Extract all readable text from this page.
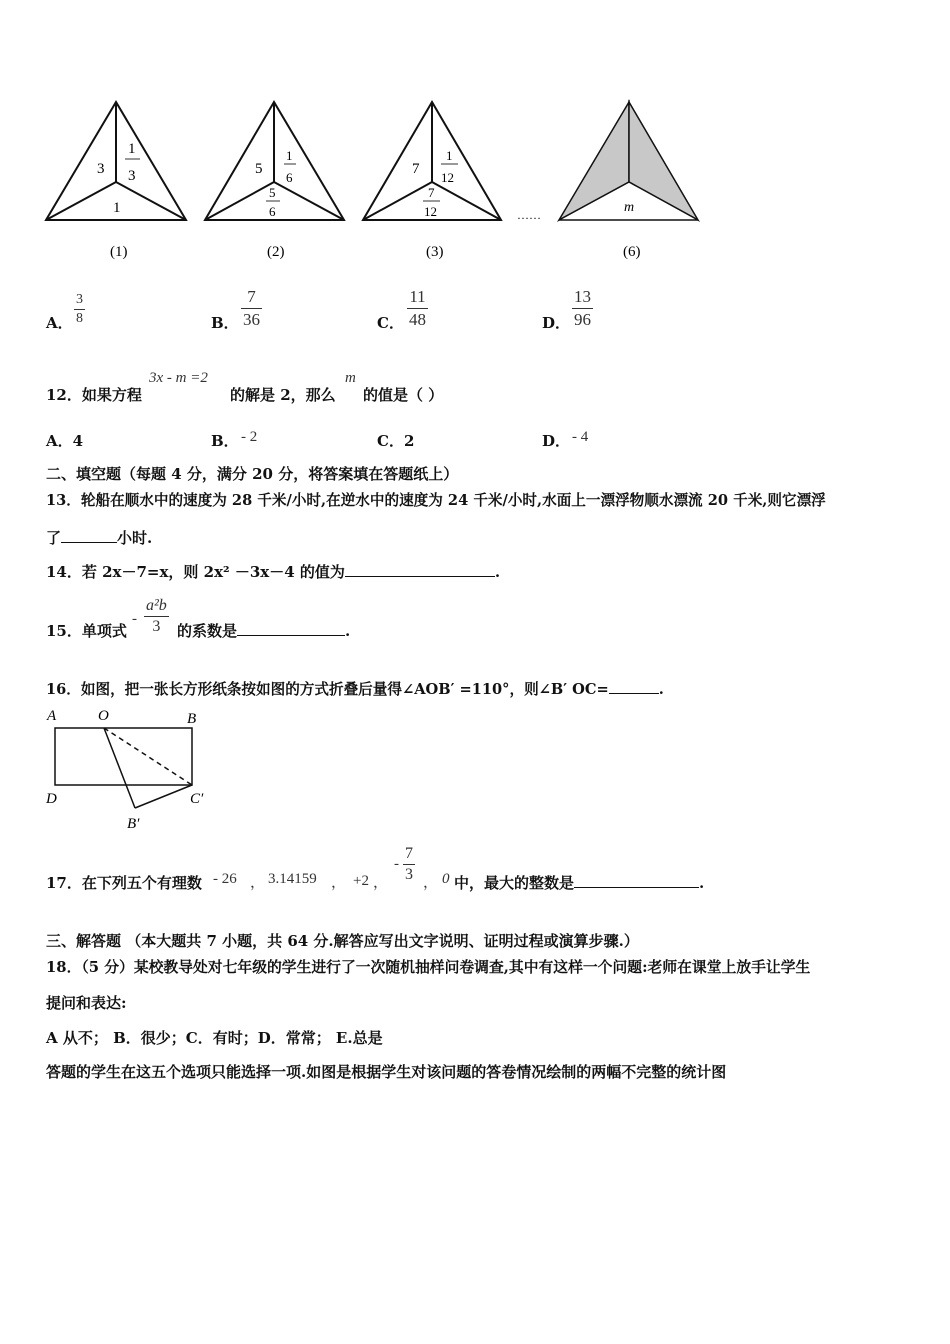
3
1
3
1
(1)
5
1
6
5
6
(2)
7
1
12
7
12
(3)
……	m
(6)
A．
3
8	B．
7
36	C．
11
48	D．
13
96
12．如果方程
3x - m =2
的解是 2，那么
m
的值是（ ）
A．4	B． - 2	C．2	D． - 4
二、填空题（每题 4 分，满分 20 分，将答案填在答题纸上）
13．轮船在顺水中的速度为 28 千米/小时,在逆水中的速度为 24 千米/小时,水面上一漂浮物顺水漂流 20 千米,则它漂浮
了	小时.
14．若 2x－7=x，则 2x² －3x－4 的值为	.
15．单项式
-
a²b
3	的系数是	.
16．如图，把一张长方形纸条按如图的方式折叠后量得∠AOB′ =110°，则∠B′ OC=	.
A	O	B
D	C′
B′
17．在下列五个有理数 - 26 ， 3.14159 ， +2 ，
-
7
3 ， 0 中，最大的整数是	.
三、解答题 （本大题共 7 小题，共 64 分.解答应写出文字说明、证明过程或演算步骤.）
18．（5 分）某校教导处对七年级的学生进行了一次随机抽样问卷调查,其中有这样一个问题:老师在课堂上放手让学生
提问和表达:
A 从不； B．很少；C．有时；D．常常； E.总是
答题的学生在这五个选项只能选择一项.如图是根据学生对该问题的答卷情况绘制的两幅不完整的统计图
